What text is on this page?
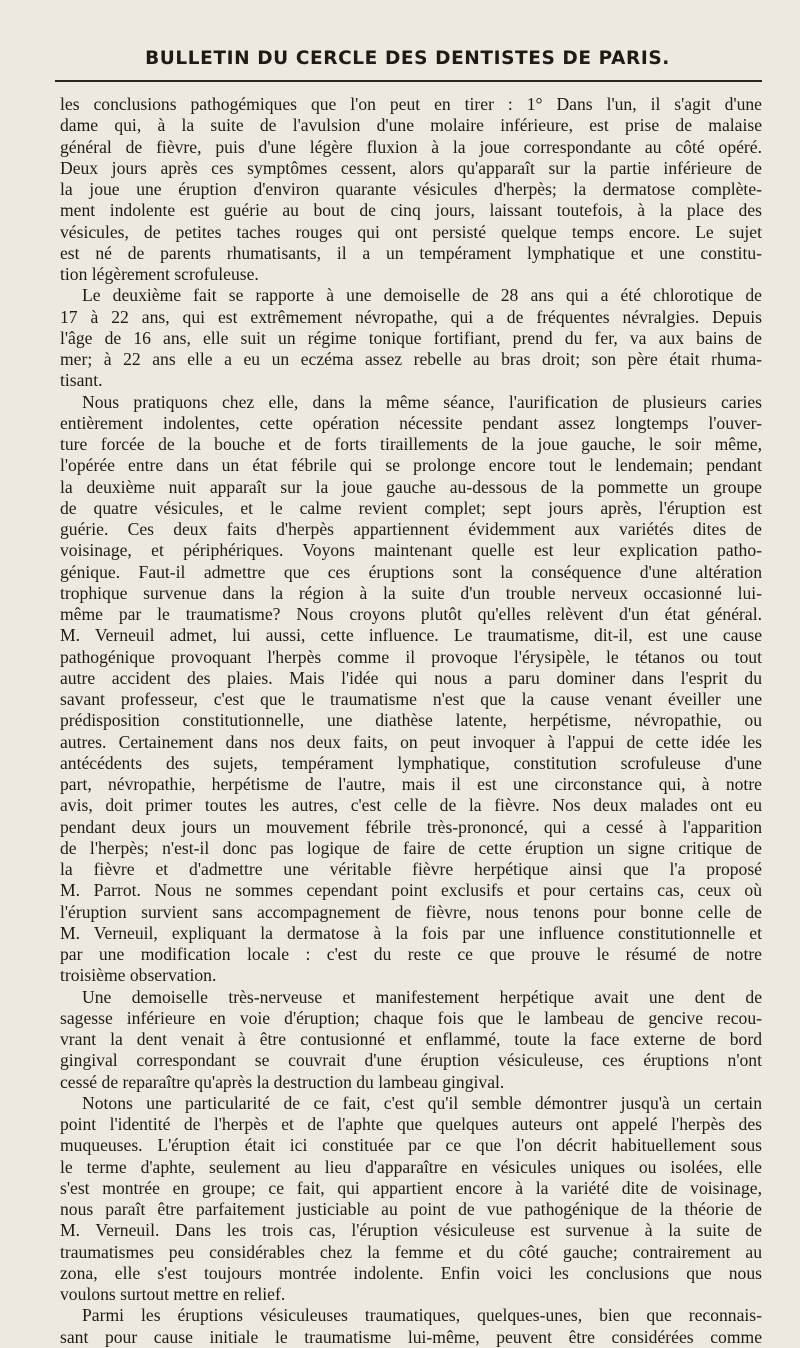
BULLETIN DU CERCLE DES DENTISTES DE PARIS.
les conclusions pathogémiques que l'on peut en tirer : 1° Dans l'un, il s'agit d'une
dame qui, à la suite de l'avulsion d'une molaire inférieure, est prise de malaise
général de fièvre, puis d'une légère fluxion à la joue correspondante au côté opéré.
Deux jours après ces symptômes cessent, alors qu'apparaît sur la partie inférieure de
la joue une éruption d'environ quarante vésicules d'herpès; la dermatose complète-
ment indolente est guérie au bout de cinq jours, laissant toutefois, à la place des
vésicules, de petites taches rouges qui ont persisté quelque temps encore. Le sujet
est né de parents rhumatisants, il a un tempérament lymphatique et une constitu-
tion légèrement scrofuleuse.
Le deuxième fait se rapporte à une demoiselle de 28 ans qui a été chlorotique de
17 à 22 ans, qui est extrêmement névropathe, qui a de fréquentes névralgies. Depuis
l'âge de 16 ans, elle suit un régime tonique fortifiant, prend du fer, va aux bains de
mer; à 22 ans elle a eu un eczéma assez rebelle au bras droit; son père était rhuma-
tisant.
Nous pratiquons chez elle, dans la même séance, l'aurification de plusieurs caries
entièrement indolentes, cette opération nécessite pendant assez longtemps l'ouver-
ture forcée de la bouche et de forts tiraillements de la joue gauche, le soir même,
l'opérée entre dans un état fébrile qui se prolonge encore tout le lendemain; pendant
la deuxième nuit apparaît sur la joue gauche au-dessous de la pommette un groupe
de quatre vésicules, et le calme revient complet; sept jours après, l'éruption est
guérie. Ces deux faits d'herpès appartiennent évidemment aux variétés dites de
voisinage, et périphériques. Voyons maintenant quelle est leur explication patho-
génique. Faut-il admettre que ces éruptions sont la conséquence d'une altération
trophique survenue dans la région à la suite d'un trouble nerveux occasionné lui-
même par le traumatisme? Nous croyons plutôt qu'elles relèvent d'un état général.
M. Verneuil admet, lui aussi, cette influence. Le traumatisme, dit-il, est une cause
pathogénique provoquant l'herpès comme il provoque l'érysipèle, le tétanos ou tout
autre accident des plaies. Mais l'idée qui nous a paru dominer dans l'esprit du
savant professeur, c'est que le traumatisme n'est que la cause venant éveiller une
prédisposition constitutionnelle, une diathèse latente, herpétisme, névropathie, ou
autres. Certainement dans nos deux faits, on peut invoquer à l'appui de cette idée les
antécédents des sujets, tempérament lymphatique, constitution scrofuleuse d'une
part, névropathie, herpétisme de l'autre, mais il est une circonstance qui, à notre
avis, doit primer toutes les autres, c'est celle de la fièvre. Nos deux malades ont eu
pendant deux jours un mouvement fébrile très-prononcé, qui a cessé à l'apparition
de l'herpès; n'est-il donc pas logique de faire de cette éruption un signe critique de
la fièvre et d'admettre une véritable fièvre herpétique ainsi que l'a proposé
M. Parrot. Nous ne sommes cependant point exclusifs et pour certains cas, ceux où
l'éruption survient sans accompagnement de fièvre, nous tenons pour bonne celle de
M. Verneuil, expliquant la dermatose à la fois par une influence constitutionnelle et
par une modification locale : c'est du reste ce que prouve le résumé de notre
troisième observation.
Une demoiselle très-nerveuse et manifestement herpétique avait une dent de
sagesse inférieure en voie d'éruption; chaque fois que le lambeau de gencive recou-
vrant la dent venait à être contusionné et enflammé, toute la face externe de bord
gingival correspondant se couvrait d'une éruption vésiculeuse, ces éruptions n'ont
cessé de reparaître qu'après la destruction du lambeau gingival.
Notons une particularité de ce fait, c'est qu'il semble démontrer jusqu'à un certain
point l'identité de l'herpès et de l'aphte que quelques auteurs ont appelé l'herpès des
muqueuses. L'éruption était ici constituée par ce que l'on décrit habituellement sous
le terme d'aphte, seulement au lieu d'apparaître en vésicules uniques ou isolées, elle
s'est montrée en groupe; ce fait, qui appartient encore à la variété dite de voisinage,
nous paraît être parfaitement justiciable au point de vue pathogénique de la théorie de
M. Verneuil. Dans les trois cas, l'éruption vésiculeuse est survenue à la suite de
traumatismes peu considérables chez la femme et du côté gauche; contrairement au
zona, elle s'est toujours montrée indolente. Enfin voici les conclusions que nous
voulons surtout mettre en relief.
Parmi les éruptions vésiculeuses traumatiques, quelques-unes, bien que reconnais-
sant pour cause initiale le traumatisme lui-même, peuvent être considérées comme
